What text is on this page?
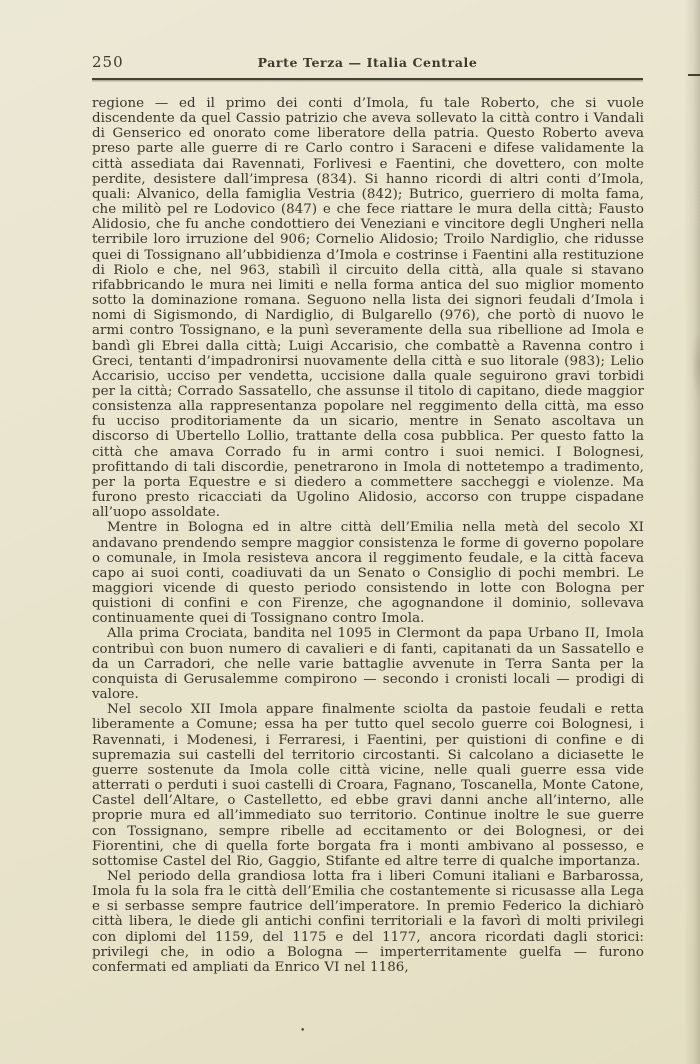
250	Parte Terza — Italia Centrale

regione — ed il primo dei conti d’Imola, fu tale Roberto, che si vuole discendente da quel Cassio patrizio che aveva sollevato la città contro i Vandali di Genserico ed onorato come liberatore della patria. Questo Roberto aveva preso parte alle guerre di re Carlo contro i Saraceni e difese validamente la città assediata dai Ravennati, Forlivesi e Faentini, che dovettero, con molte perdite, desistere dall’impresa (834). Si hanno ricordi di altri conti d’Imola, quali: Alvanico, della famiglia Vestria (842); Butrico, guerriero di molta fama, che militò pel re Lodovico (847) e che fece riattare le mura della città; Fausto Alidosio, che fu anche condottiero dei Veneziani e vincitore degli Ungheri nella terribile loro irruzione del 906; Cornelio Alidosio; Troilo Nardiglio, che ridusse quei di Tossignano all’ubbidienza d’Imola e costrinse i Faentini alla restituzione di Riolo e che, nel 963, stabilì il circuito della città, alla quale si stavano rifabbricando le mura nei limiti e nella forma antica del suo miglior momento sotto la dominazione romana. Seguono nella lista dei signori feudali d’Imola i nomi di Sigismondo, di Nardiglio, di Bulgarello (976), che portò di nuovo le armi contro Tossignano, e la punì severamente della sua ribellione ad Imola e bandì gli Ebrei dalla città; Luigi Accarisio, che combattè a Ravenna contro i Greci, tentanti d’impadronirsi nuovamente della città e suo litorale (983); Lelio Accarisio, ucciso per vendetta, uccisione dalla quale seguirono gravi torbidi per la città; Corrado Sassatello, che assunse il titolo di capitano, diede maggior consistenza alla rappresentanza popolare nel reggimento della città, ma esso fu ucciso proditoriamente da un sicario, mentre in Senato ascoltava un discorso di Ubertello Lollio, trattante della cosa pubblica. Per questo fatto la città che amava Corrado fu in armi contro i suoi nemici. I Bolognesi, profittando di tali discordie, penetrarono in Imola di nottetempo a tradimento, per la porta Equestre e si diedero a commettere saccheggi e violenze. Ma furono presto ricacciati da Ugolino Alidosio, accorso con truppe cispadane all’uopo assoldate.

Mentre in Bologna ed in altre città dell’Emilia nella metà del secolo XI andavano prendendo sempre maggior consistenza le forme di governo popolare o comunale, in Imola resisteva ancora il reggimento feudale, e la città faceva capo ai suoi conti, coadiuvati da un Senato o Consiglio di pochi membri. Le maggiori vicende di questo periodo consistendo in lotte con Bologna per quistioni di confini e con Firenze, che agognandone il dominio, sollevava continuamente quei di Tossignano contro Imola.

Alla prima Crociata, bandita nel 1095 in Clermont da papa Urbano II, Imola contribuì con buon numero di cavalieri e di fanti, capitanati da un Sassatello e da un Carradori, che nelle varie battaglie avvenute in Terra Santa per la conquista di Gerusalemme compirono — secondo i cronisti locali — prodigi di valore.

Nel secolo XII Imola appare finalmente sciolta da pastoie feudali e retta liberamente a Comune; essa ha per tutto quel secolo guerre coi Bolognesi, i Ravennati, i Modenesi, i Ferraresi, i Faentini, per quistioni di confine e di supremazia sui castelli del territorio circostanti. Si calcolano a diciasette le guerre sostenute da Imola colle città vicine, nelle quali guerre essa vide atterrati o perduti i suoi castelli di Croara, Fagnano, Toscanella, Monte Catone, Castel dell’Altare, o Castelletto, ed ebbe gravi danni anche all’interno, alle proprie mura ed all’immediato suo territorio. Continue inoltre le sue guerre con Tossignano, sempre ribelle ad eccitamento or dei Bolognesi, or dei Fiorentini, che di quella forte borgata fra i monti ambivano al possesso, e sottomise Castel del Rio, Gaggio, Stifante ed altre terre di qualche importanza.

Nel periodo della grandiosa lotta fra i liberi Comuni italiani e Barbarossa, Imola fu la sola fra le città dell’Emilia che costantemente si ricusasse alla Lega e si serbasse sempre fautrice dell’imperatore. In premio Federico la dichiarò città libera, le diede gli antichi confini territoriali e la favorì di molti privilegi con diplomi del 1159, del 1175 e del 1177, ancora ricordati dagli storici: privilegi che, in odio a Bologna — imperterritamente guelfa — furono confermati ed ampliati da Enrico VI nel 1186,

•
